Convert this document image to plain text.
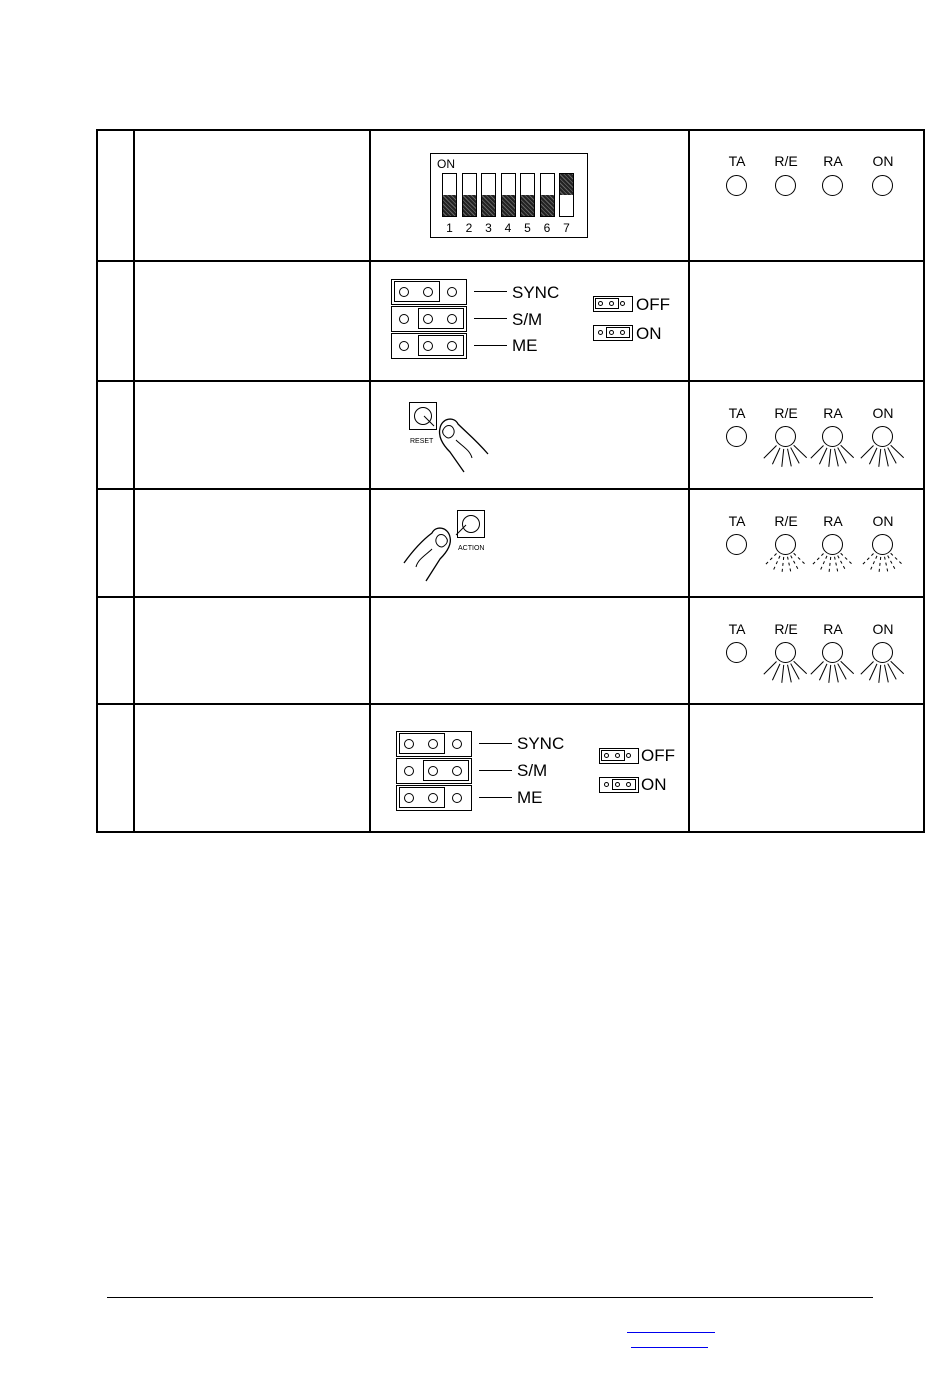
ON
1	2	3	4	5	6	7
TA	R/E	RA	ON
SYNC
S/M
ME
OFF
ON
RESET
TA	R/E	RA	ON
ACTION
TA	R/E	RA	ON
TA	R/E	RA	ON
SYNC
S/M
ME
OFF
ON
